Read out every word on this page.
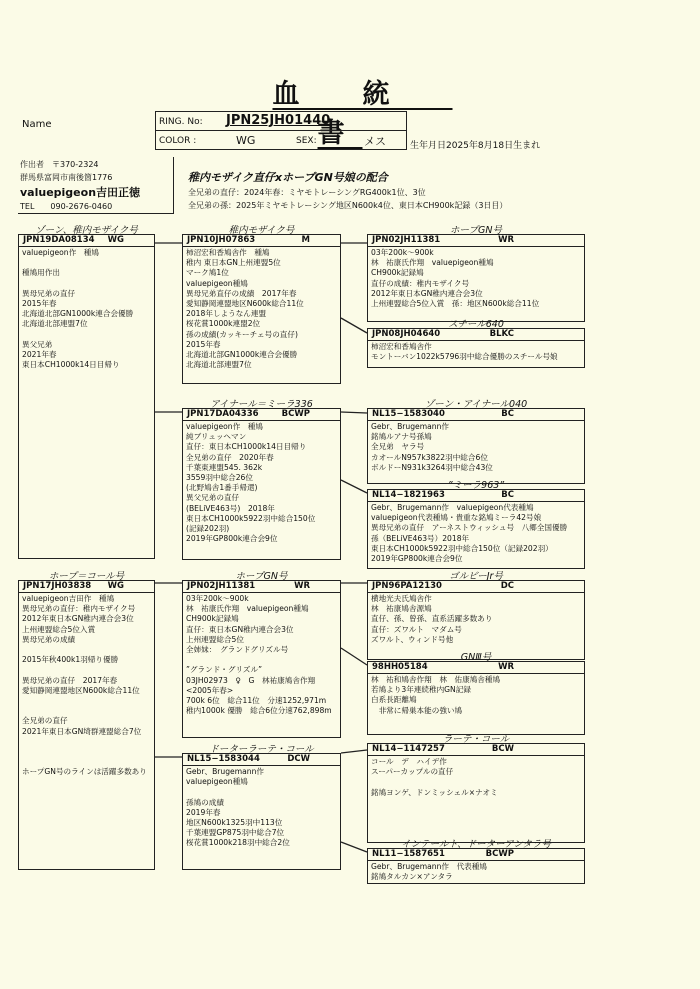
血　統　書
Name	RING. No: JPN25JH01440
COLOR :	WG	SEX:	メス	生年月日2025年8月18日生まれ
作出者　〒370-2324
群馬県富岡市南後箇1776
valuepigeon吉田正徳
TEL　　090-2676-0460
稚内モザイク直仔xホープGN号娘の配合
全兄弟の直仔：2024年春：ミヤモトレーシングRG400k1位、3位
全兄弟の孫：2025年ミヤモトレーシング地区N600k4位、東日本CH900k記録（3日目）
ゾーン、稚内モザイク号
JPN19DA08134 WG
valuepigeon作　種鳩

種鳩用作出

異母兄弟の直仔
2015年春
北海道北部GN1000k連合会優勝
北海道北部連盟7位

異父兄弟
2021年春
東日本CH1000k14日目帰り
稚内モザイク号
JPN10JH07863	M
柿沼宏和香鳩舎作　種鳩
稚内 東日本GN上州連盟5位
マーク鳩1位
valuepigeon種鳩
異母兄弟直仔の成績　2017年春
愛知静岡連盟地区N600k総合11位
2018年しようなん連盟
桜花賞1000k連盟2位
孫の成績(カッキーチェ号の直仔)
2015年春
北海道北部GN1000k連合会優勝
北海道北部連盟7位
ホープGN号
JPN02JH11381	WR
03年200k〜900k
林　祐康氏作翔　valuepigeon種鳩
CH900k記録鳩
直仔の成績：稚内モザイク号
2012年東日本GN稚内連合会3位
上州連盟総合5位入賞　孫：地区N600k総合11位
スチール640
JPN08JH04640	BLKC
柿沼宏和香鳩舎作
モントーバン1022k5796羽中総合優勝のスチール号娘
アイナール＝ミーラ336
JPN17DA04336	BCWP
valuepigeon作　種鳩
純ブリュッヘマン
直仔：東日本CH1000k14日目帰り
全兄弟の直仔　2020年春
千葉東連盟545. 362k
3559羽中総合26位
(北野鳩舎1番手帰還)
異父兄弟の直仔
(BELiVE463号)　2018年
東日本CH1000k5922羽中総合150位
(記録202羽)
2019年GP800k連合会9位
ゾーン・アイナール040
NL15−1583040	BC
Gebr、Brugemann作
銘鳩ルアナ号孫鳩
全兄弟　ヤラ号
カオールN957k3822羽中総合6位
ボルドーN931k3264羽中総合43位
”ミーラ963”
NL14−1821963	BC
Gebr、Brugemann作　valuepigeon代表種鳩
valuepigeon代表種鳩・貴重な銘鳩ミーラ42号娘
異母兄弟の直仔　アーネストウィッシュ号　八郷全国優勝
孫（BELiVE463号）2018年
東日本CH1000k5922羽中総合150位（記録202羽）
2019年GP800k連合会9位
ホープ＝コール号
JPN17JH03838 WG
valuepigeon吉田作　種鳩
異母兄弟の直仔：稚内モザイク号
2012年東日本GN稚内連合会3位
上州連盟総合5位入賞
異母兄弟の成績

2015年秋400k1羽帰り優勝

異母兄弟の直仔　2017年春
愛知静岡連盟地区N600k総合11位

全兄弟の直仔
2021年東日本GN埼群連盟総合7位

ホープGN号のラインは活躍多数あり
ホープGN号
JPN02JH11381	WR
03年200k〜900k
林　祐康氏作翔　valuepigeon種鳩
CH900k記録鳩
直仔：東日本GN稚内連合会3位
上州連盟総合5位
全姉妹：　グランドグリズル号

”グランド・グリズル”
03JH02973　♀　G　林祐康鳩舎作翔
<2005年春>
700k 6位　総合11位　分速1252,971m
稚内1000k 優勝　総合6位分速762,898m
ゴルビーJr号
JPN96PA12130	DC
横地光夫氏鳩舎作
林　祐康鳩舎源鳩
直仔、孫、曾孫、直系活躍多数あり
直仔：ズワルト　マダム号
ズワルト、ウィンド号他
GNⅢ号
98HH05184	WR
林　祐和鳩舎作翔　林　佑康鳩舎種鳩
若鳩より3年連続稚内GN記録
白系長距離鳩
　非常に帰巣本能の強い鳩
ドーターラーテ・コール
NL15−1583044	DCW
Gebr、Brugemann作
valuepigeon種鳩

孫鳩の成績
2019年春
地区N600k1325羽中113位
千葉連盟GP875羽中総合7位
桜花賞1000k218羽中総合2位
ラーテ・コール
NL14−1147257	BCW
コール　デ　ハイデ作
スーパーカップルの直仔

銘鳩ヨンゲ、ドンミッシェル×ナオミ
インテールト、ドーターアンタラ号
NL11−1587651	BCWP
Gebr、Brugemann作　代表種鳩
銘鳩タルカン×アンタラ
